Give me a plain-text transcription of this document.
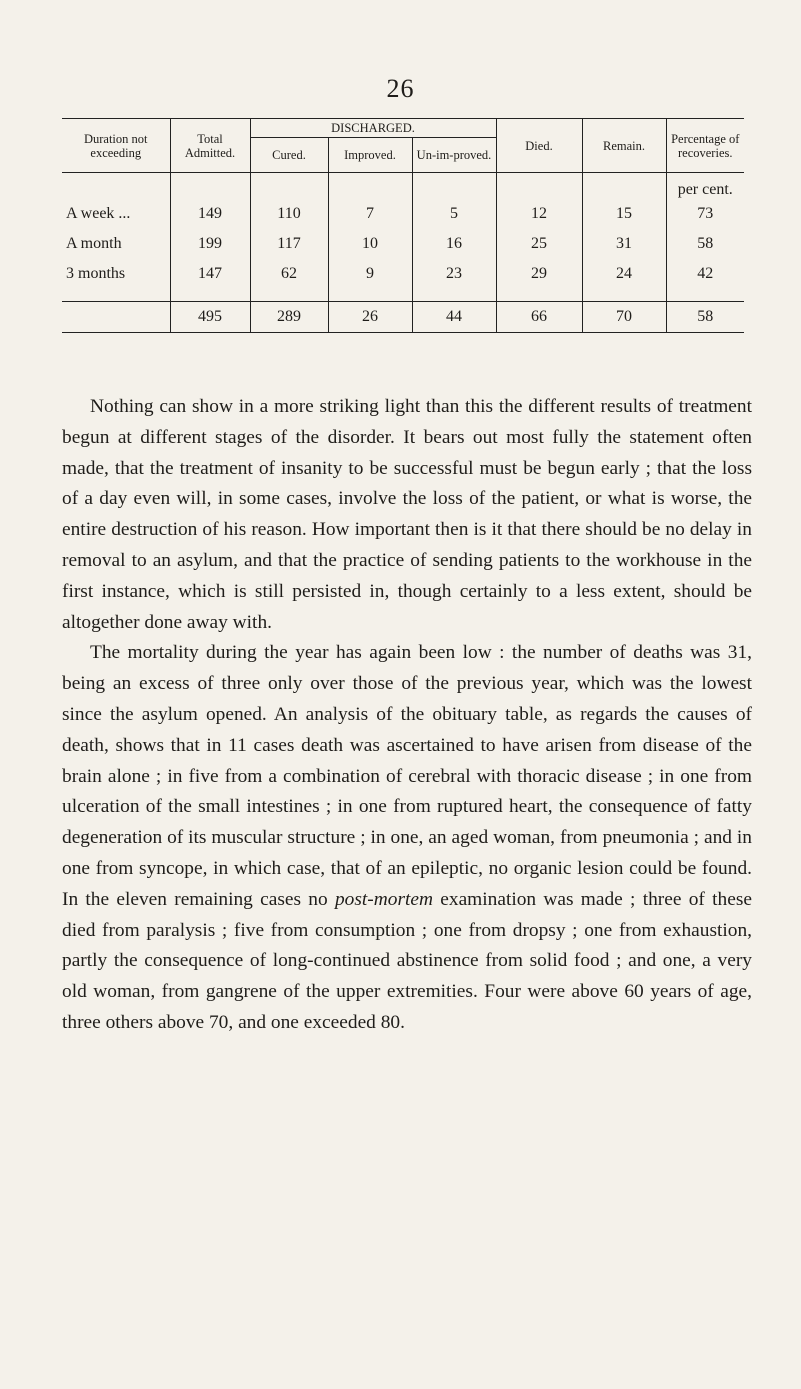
26
Duration not exceeding	Total Admitted.	DISCHARGED.			Died.	Remain.	Percentage of recoveries.
		Cured.	Improved.	Un-im-proved.			
							per cent.
A week ...	149	110	7	5	12	15	73
A month	199	117	10	16	25	31	58
3 months	147	62	9	23	29	24	42

	495	289	26	44	66	70	58

Nothing can show in a more striking light than this the different results of treatment begun at different stages of the disorder. It bears out most fully the statement often made, that the treatment of insanity to be successful must be begun early ; that the loss of a day even will, in some cases, involve the loss of the patient, or what is worse, the entire destruction of his reason. How important then is it that there should be no delay in removal to an asylum, and that the practice of sending patients to the workhouse in the first instance, which is still persisted in, though certainly to a less extent, should be altogether done away with.

The mortality during the year has again been low : the number of deaths was 31, being an excess of three only over those of the previous year, which was the lowest since the asylum opened. An analysis of the obituary table, as regards the causes of death, shows that in 11 cases death was ascertained to have arisen from disease of the brain alone ; in five from a combination of cerebral with thoracic disease ; in one from ulceration of the small intestines ; in one from ruptured heart, the consequence of fatty degeneration of its muscular structure ; in one, an aged woman, from pneumonia ; and in one from syncope, in which case, that of an epileptic, no organic lesion could be found. In the eleven remaining cases no post-mortem examination was made ; three of these died from paralysis ; five from consumption ; one from dropsy ; one from exhaustion, partly the consequence of long-continued abstinence from solid food ; and one, a very old woman, from gangrene of the upper extremities. Four were above 60 years of age, three others above 70, and one exceeded 80.
